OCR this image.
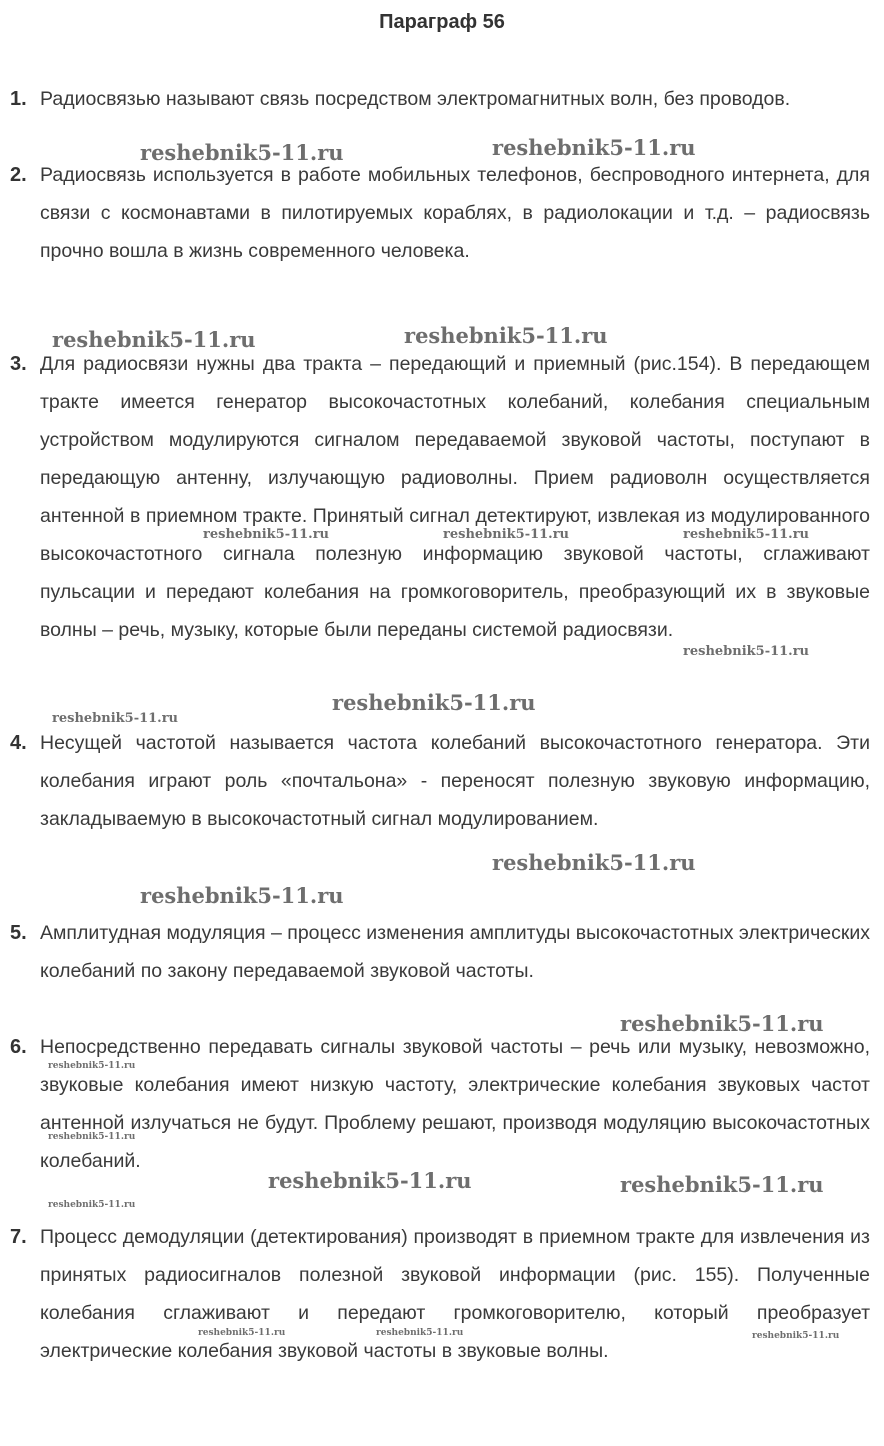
Параграф 56
1. Радиосвязью называют связь посредством электромагнитных волн, без проводов.
2. Радиосвязь используется в работе мобильных телефонов, беспроводного интернета, для связи с космонавтами в пилотируемых кораблях, в радиолокации и т.д. – радиосвязь прочно вошла в жизнь современного человека.
3. Для радиосвязи нужны два тракта – передающий и приемный (рис.154). В передающем тракте имеется генератор высокочастотных колебаний, колебания специальным устройством модулируются сигналом передаваемой звуковой частоты, поступают в передающую антенну, излучающую радиоволны. Прием радиоволн осуществляется антенной в приемном тракте. Принятый сигнал детектируют, извлекая из модулированного высокочастотного сигнала полезную информацию звуковой частоты, сглаживают пульсации и передают колебания на громкоговоритель, преобразующий их в звуковые волны – речь, музыку, которые были переданы системой радиосвязи.
4. Несущей частотой называется частота колебаний высокочастотного генератора. Эти колебания играют роль «почтальона» - переносят полезную звуковую информацию, закладываемую в высокочастотный сигнал модулированием.
5. Амплитудная модуляция – процесс изменения амплитуды высокочастотных электрических колебаний по закону передаваемой звуковой частоты.
6. Непосредственно передавать сигналы звуковой частоты – речь или музыку, невозможно, звуковые колебания имеют низкую частоту, электрические колебания звуковых частот антенной излучаться не будут. Проблему решают, производя модуляцию высокочастотных колебаний.
7. Процесс демодуляции (детектирования) производят в приемном тракте для извлечения из принятых радиосигналов полезной звуковой информации (рис. 155). Полученные колебания сглаживают и передают громкоговорителю, который преобразует электрические колебания звуковой частоты в звуковые волны.
reshebnik5-11.ru	reshebnik5-11.ru
reshebnik5-11.ru	reshebnik5-11.ru
reshebnik5-11.ru	reshebnik5-11.ru	reshebnik5-11.ru
reshebnik5-11.ru
reshebnik5-11.ru
reshebnik5-11.ru
reshebnik5-11.ru
reshebnik5-11.ru
reshebnik5-11.ru
reshebnik5-11.ru
reshebnik5-11.ru
reshebnik5-11.ru	reshebnik5-11.ru
reshebnik5-11.ru
reshebnik5-11.ru	reshebnik5-11.ru	reshebnik5-11.ru
